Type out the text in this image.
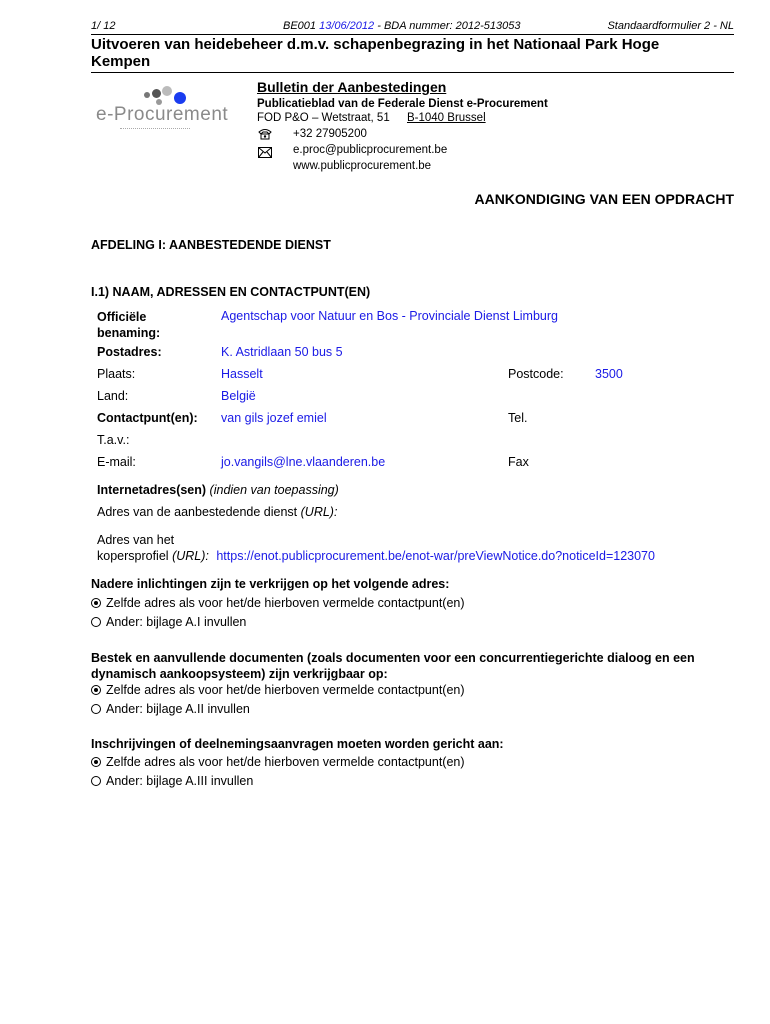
1/ 12	BE001 13/06/2012 - BDA nummer: 2012-513053	Standaardformulier 2 - NL
Uitvoeren van heidebeheer d.m.v. schapenbegrazing in het Nationaal Park Hoge
Kempen
e-Procurement
Bulletin der Aanbestedingen
Publicatieblad van de Federale Dienst e-Procurement
FOD P&O – Wetstraat, 51 B-1040 Brussel
+32 27905200
e.proc@publicprocurement.be
www.publicprocurement.be
AANKONDIGING VAN EEN OPDRACHT
AFDELING I: AANBESTEDENDE DIENST
I.1) NAAM, ADRESSEN EN CONTACTPUNT(EN)
Officiële
benaming:
Agentschap voor Natuur en Bos - Provinciale Dienst Limburg
Postadres:	K. Astridlaan 50 bus 5
Plaats:	Hasselt	Postcode:	3500
Land:	België
Contactpunt(en): van gils jozef emiel	Tel.
T.a.v.:
E-mail:	jo.vangils@lne.vlaanderen.be	Fax
Internetadres(sen) (indien van toepassing)
Adres van de aanbestedende dienst (URL):
Adres van het
kopersprofiel (URL): https://enot.publicprocurement.be/enot-war/preViewNotice.do?noticeId=123070
Nadere inlichtingen zijn te verkrijgen op het volgende adres:
Zelfde adres als voor het/de hierboven vermelde contactpunt(en)
Ander: bijlage A.I invullen
Bestek en aanvullende documenten (zoals documenten voor een concurrentiegerichte dialoog en een
dynamisch aankoopsysteem) zijn verkrijgbaar op:
Zelfde adres als voor het/de hierboven vermelde contactpunt(en)
Ander: bijlage A.II invullen
Inschrijvingen of deelnemingsaanvragen moeten worden gericht aan:
Zelfde adres als voor het/de hierboven vermelde contactpunt(en)
Ander: bijlage A.III invullen
